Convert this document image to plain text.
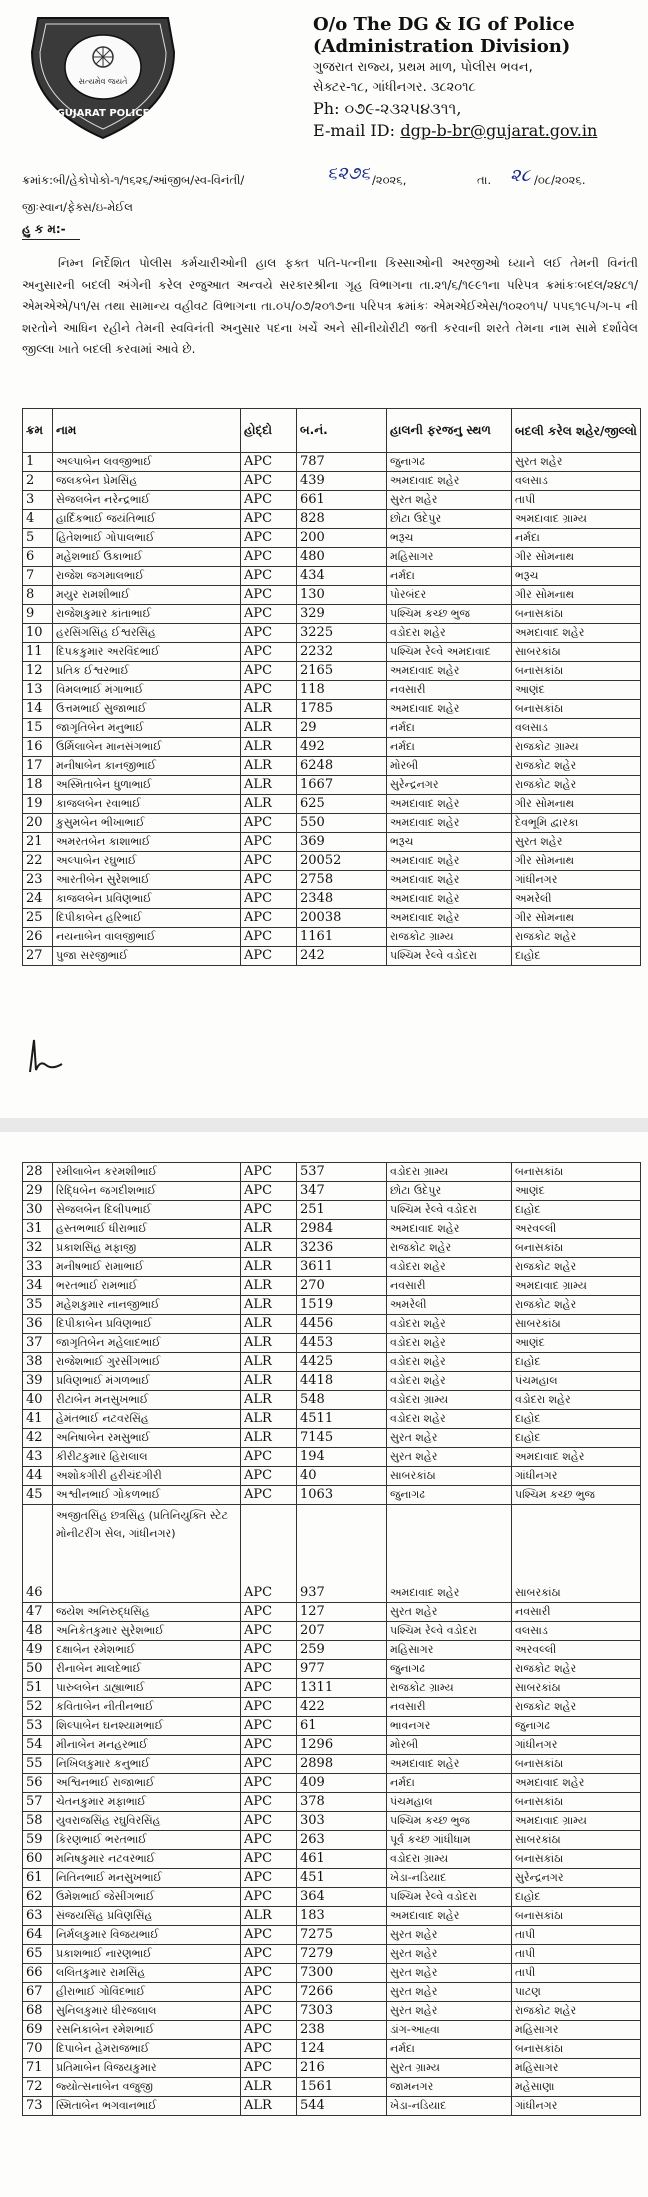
સત્યમેવ જયતે
GUJARAT POLICE
O/o The DG & IG of Police
(Administration Division)
ગુજરાત રાજ્ય, પ્રથમ માળ, પોલીસ ભવન,
સેક્ટર-૧૮, ગાંધીનગર. ૩૮૨૦૧૮
Ph: ૦૭૯-૨૩૨૫૪૩૧૧,
E-mail ID: dgp-b-br@gujarat.gov.in
ક્રમાંક:બી/હેકોપોકો-૧/૧૬૨૬/આંજીબ/સ્વ-વિનંતી/	૬૨૭૬ /૨૦૨૬,	તા. ૨૮ /૦૮/૨૦૨૬.
જીઃસ્વાન/ફેક્સ/ઇ-મેઈલ
હુ ક મ:-

નિમ્ન નિર્દેશિત પોલીસ કર્મચારીઓની હાલ ફક્ત પતિ-પત્નીના કિસ્સાઓની અરજીઓ ધ્યાને લઈ તેમની વિનંતી અનુસારની બદલી અંગેની કરેલ રજુઆત અન્વયે સરકારશ્રીના ગૃહ વિભાગના તા.૨૧/૬/૧૯૯૧ના પરિપત્ર ક્રમાંકઃબદલ/૨૪૮૧/એમએએ/૫૧/સ તથા સામાન્ય વહીવટ વિભાગના તા.૦૫/૦૭/૨૦૧૭ના પરિપત્ર ક્રમાંકઃ એમએઈએસ/૧૦૨૦૧૫/ ૫૫૬૧૯૫/ગ-૫ ની શરતોને આધિન રહીને તેમની સ્વવિનંતી અનુસાર પદના ખર્ચે અને સીનીયોરીટી જતી કરવાની શરતે તેમના નામ સામે દર્શાવેલ જીલ્લા ખાતે બદલી કરવામાં આવે છે.

ક્રમ	નામ	હોદ્દો	બ.નં.	હાલની ફરજનુ સ્થળ	બદલી કરેલ શહેર/જીલ્લો
1	અલ્પાબેન લવજીભાઈ	APC	787	જુનાગઢ	સુરત શહેર
2	જલકબેન પ્રેમસિંહ	APC	439	અમદાવાદ શહેર	વલસાડ
3	સેજલબેન નરેન્દ્રભાઈ	APC	661	સુરત શહેર	તાપી
4	હાર્દિકભાઈ જયંતિભાઈ	APC	828	છોટા ઉદેપુર	અમદાવાદ ગ્રામ્ય
5	હિતેશભાઈ ગોપાલભાઈ	APC	200	ભરૂચ	નર્મદા
6	મહેશભાઈ ઉકાભાઈ	APC	480	મહિસાગર	ગીર સોમનાથ
7	રાજેશ જગમાલભાઈ	APC	434	નર્મદા	ભરૂચ
8	મયુર રામશીભાઈ	APC	130	પોરબંદર	ગીર સોમનાથ
9	રાજેશકુમાર કાંતાભાઈ	APC	329	પશ્ચિમ કચ્છ ભુજ	બનાસકાંઠા
10	હરસિંગસિંહ ઈશ્વરસિંહ	APC	3225	વડોદરા શહેર	અમદાવાદ શહેર
11	દિપકકુમાર અરવિંદભાઈ	APC	2232	પશ્ચિમ રેલ્વે અમદાવાદ	સાબરકાંઠા
12	પ્રતિક ઈશ્વરભાઈ	APC	2165	અમદાવાદ શહેર	બનાસકાંઠા
13	વિમલભાઈ મંગાભાઈ	APC	118	નવસારી	આણંદ
14	ઉત્તમભાઈ સુજાભાઈ	ALR	1785	અમદાવાદ શહેર	બનાસકાંઠા
15	જાગૃતિબેન મનુભાઈ	ALR	29	નર્મદા	વલસાડ
16	ઉર્મિલાબેન માનસંગભાઈ	ALR	492	નર્મદા	રાજકોટ ગ્રામ્ય
17	મનીષાબેન કાનજીભાઈ	ALR	6248	મોરબી	રાજકોટ શહેર
18	અસ્મિતાબેન ધુળાભાઈ	ALR	1667	સુરેન્દ્રનગર	રાજકોટ શહેર
19	કાજલબેન રવાભાઈ	ALR	625	અમદાવાદ શહેર	ગીર સોમનાથ
20	કુસુમબેન ભીખાભાઈ	APC	550	અમદાવાદ શહેર	દેવભૂમિ દ્વારકા
21	અમરતબેન કાશાભાઈ	APC	369	ભરૂચ	સુરત શહેર
22	અલ્પાબેન રઘુભાઈ	APC	20052	અમદાવાદ શહેર	ગીર સોમનાથ
23	આરતીબેન સુરેશભાઈ	APC	2758	અમદાવાદ શહેર	ગાંધીનગર
24	કાજલબેન પ્રવિણભાઈ	APC	2348	અમદાવાદ શહેર	અમરેલી
25	દિપીકાબેન હરિભાઈ	APC	20038	અમદાવાદ શહેર	ગીર સોમનાથ
26	નયનાબેન વાલજીભાઈ	APC	1161	રાજકોટ ગ્રામ્ય	રાજકોટ શહેર
27	પુજા સરજીભાઈ	APC	242	પશ્ચિમ રેલ્વે વડોદરા	દાહોદ
28	રમીલાબેન કરમશીભાઈ	APC	537	વડોદરા ગ્રામ્ય	બનાસકાંઠા
29	રિદ્ધિબેન જગદીશભાઈ	APC	347	છોટા ઉદેપુર	આણંદ
30	સેજલબેન દિલીપભાઈ	APC	251	પશ્ચિમ રેલ્વે વડોદરા	દાહોદ
31	હસ્તભભાઈ ધીરાભાઈ	ALR	2984	અમદાવાદ શહેર	અરવલ્લી
32	પ્રકાશસિંહ મફાજી	ALR	3236	રાજકોટ શહેર	બનાસકાંઠા
33	મનીષભાઈ રામાભાઈ	ALR	3611	વડોદરા શહેર	રાજકોટ શહેર
34	ભરતભાઈ રામભાઈ	ALR	270	નવસારી	અમદાવાદ ગ્રામ્ય
35	મહેશકુમાર નાનજીભાઈ	ALR	1519	અમરેલી	રાજકોટ શહેર
36	દિપીકાબેન પ્રવિણભાઈ	ALR	4456	વડોદરા શહેર	સાબરકાંઠા
37	જાગૃતિબેન મહેલાદભાઈ	ALR	4453	વડોદરા શહેર	આણંદ
38	રાજેશભાઈ ગુરસીંગભાઈ	ALR	4425	વડોદરા શહેર	દાહોદ
39	પ્રવિણભાઈ મંગળભાઈ	ALR	4418	વડોદરા શહેર	પંચમહાલ
40	રીટાબેન મનસુખભાઈ	ALR	548	વડોદરા ગ્રામ્ય	વડોદરા શહેર
41	હેમંતભાઈ નટવરસિંહ	ALR	4511	વડોદરા શહેર	દાહોદ
42	અનિષાબેન રમસુભાઈ	ALR	7145	સુરત શહેર	દાહોદ
43	કીરીટકુમાર હિરાલાલ	APC	194	સુરત શહેર	અમદાવાદ શહેર
44	અશોકગીરી હરીચંદગીરી	APC	40	સાબરકાંઠા	ગાંધીનગર
45	અશ્વીનભાઈ ગોકળભાઈ	APC	1063	જુનાગઢ	પશ્ચિમ કચ્છ ભુજ
46	અજીતસિંહ છત્રસિંહ (પ્રતિનિયુક્તિ સ્ટેટ મોનીટરીંગ સેલ, ગાંધીનગર)	APC	937	અમદાવાદ શહેર	સાબરકાંઠા
47	જયેશ અનિરુદ્ધસિંહ	APC	127	સુરત શહેર	નવસારી
48	અનિકેતકુમાર સુરેશભાઈ	APC	207	પશ્ચિમ રેલ્વે વડોદરા	વલસાડ
49	દક્ષાબેન રમેશભાઈ	APC	259	મહિસાગર	અરવલ્લી
50	રીનાબેન માલદેભાઈ	APC	977	જુનાગઢ	રાજકોટ શહેર
51	પારુલબેન ડાહ્યાભાઈ	APC	1311	રાજકોટ ગ્રામ્ય	સાબરકાંઠા
52	કવિતાબેન નીતીનભાઈ	APC	422	નવસારી	રાજકોટ શહેર
53	શિલ્પાબેન ઘનશ્યામભાઈ	APC	61	ભાવનગર	જુનાગઢ
54	મીનાબેન મનહરભાઈ	APC	1296	મોરબી	ગાંધીનગર
55	નિખિલકુમાર કનુભાઈ	APC	2898	અમદાવાદ શહેર	બનાસકાંઠા
56	અશ્વિનભાઈ રાજાભાઈ	APC	409	નર્મદા	અમદાવાદ શહેર
57	ચેતનકુમાર મફાભાઈ	APC	378	પંચમહાલ	બનાસકાંઠા
58	યુવરાજસિંહ રઘુવિરસિંહ	APC	303	પશ્ચિમ કચ્છ ભુજ	અમદાવાદ ગ્રામ્ય
59	કિરણભાઈ ભરતભાઈ	APC	263	પૂર્વ કચ્છ ગાંધીધામ	સાબરકાંઠા
60	મનિષકુમાર નટવરભાઈ	APC	461	વડોદરા ગ્રામ્ય	બનાસકાંઠા
61	નિતિનભાઈ મનસુખભાઈ	APC	451	ખેડા-નડિયાદ	સુરેન્દ્રનગર
62	ઉમેશભાઈ જેસીંગભાઈ	APC	364	પશ્ચિમ રેલ્વે વડોદરા	દાહોદ
63	સંજયસિંહ પ્રવિણસિંહ	ALR	183	અમદાવાદ શહેર	બનાસકાંઠા
64	નિર્મલકુમાર વિજયભાઈ	APC	7275	સુરત શહેર	તાપી
65	પ્રકાશભાઈ નારણભાઈ	APC	7279	સુરત શહેર	તાપી
66	લલિતકુમાર રામસિંહ	APC	7300	સુરત શહેર	તાપી
67	હીરાભાઈ ગોવિંદભાઈ	APC	7266	સુરત શહેર	પાટણ
68	સુનિલકુમાર ધીરજલાલ	APC	7303	સુરત શહેર	રાજકોટ શહેર
69	રસનિકાબેન રમેશભાઈ	APC	238	ડાંગ-આહ્વા	મહિસાગર
70	દિપાબેન હેમરાજભાઈ	APC	124	નર્મદા	બનાસકાંઠા
71	પ્રતિમાબેન વિજયકુમાર	APC	216	સુરત ગ્રામ્ય	મહિસાગર
72	જ્યોત્સનાબેન વજુજી	ALR	1561	જામનગર	મહેસાણા
73	સ્મિતાબેન ભગવાનભાઈ	ALR	544	ખેડા-નડિયાદ	ગાંધીનગર
